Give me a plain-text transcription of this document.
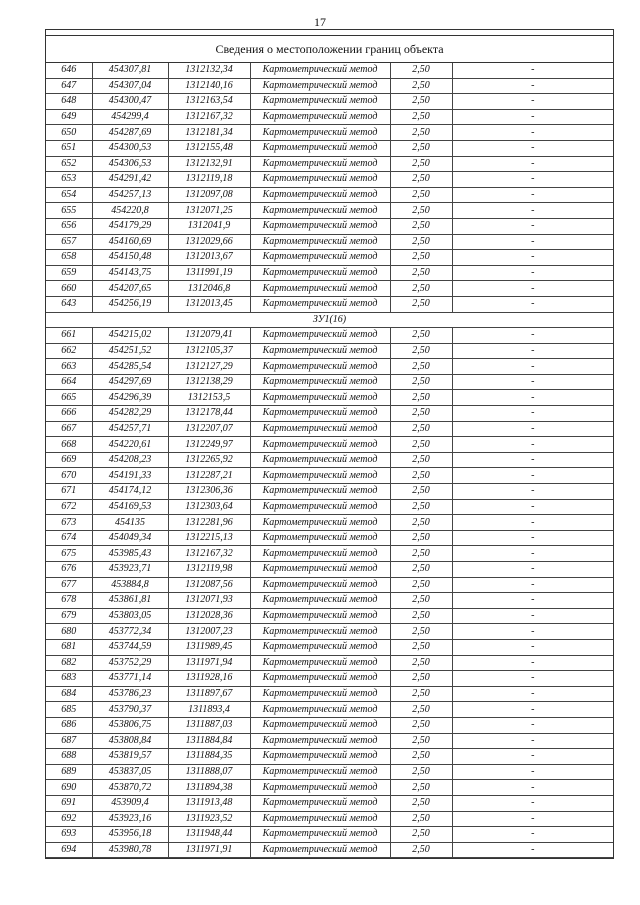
17
Сведения о местоположении границ объекта
646	454307,81	1312132,34	Картометрический метод	2,50	-
647	454307,04	1312140,16	Картометрический метод	2,50	-
648	454300,47	1312163,54	Картометрический метод	2,50	-
649	454299,4	1312167,32	Картометрический метод	2,50	-
650	454287,69	1312181,34	Картометрический метод	2,50	-
651	454300,53	1312155,48	Картометрический метод	2,50	-
652	454306,53	1312132,91	Картометрический метод	2,50	-
653	454291,42	1312119,18	Картометрический метод	2,50	-
654	454257,13	1312097,08	Картометрический метод	2,50	-
655	454220,8	1312071,25	Картометрический метод	2,50	-
656	454179,29	1312041,9	Картометрический метод	2,50	-
657	454160,69	1312029,66	Картометрический метод	2,50	-
658	454150,48	1312013,67	Картометрический метод	2,50	-
659	454143,75	1311991,19	Картометрический метод	2,50	-
660	454207,65	1312046,8	Картометрический метод	2,50	-
643	454256,19	1312013,45	Картометрический метод	2,50	-
ЗУ1(16)					
661	454215,02	1312079,41	Картометрический метод	2,50	-
662	454251,52	1312105,37	Картометрический метод	2,50	-
663	454285,54	1312127,29	Картометрический метод	2,50	-
664	454297,69	1312138,29	Картометрический метод	2,50	-
665	454296,39	1312153,5	Картометрический метод	2,50	-
666	454282,29	1312178,44	Картометрический метод	2,50	-
667	454257,71	1312207,07	Картометрический метод	2,50	-
668	454220,61	1312249,97	Картометрический метод	2,50	-
669	454208,23	1312265,92	Картометрический метод	2,50	-
670	454191,33	1312287,21	Картометрический метод	2,50	-
671	454174,12	1312306,36	Картометрический метод	2,50	-
672	454169,53	1312303,64	Картометрический метод	2,50	-
673	454135	1312281,96	Картометрический метод	2,50	-
674	454049,34	1312215,13	Картометрический метод	2,50	-
675	453985,43	1312167,32	Картометрический метод	2,50	-
676	453923,71	1312119,98	Картометрический метод	2,50	-
677	453884,8	1312087,56	Картометрический метод	2,50	-
678	453861,81	1312071,93	Картометрический метод	2,50	-
679	453803,05	1312028,36	Картометрический метод	2,50	-
680	453772,34	1312007,23	Картометрический метод	2,50	-
681	453744,59	1311989,45	Картометрический метод	2,50	-
682	453752,29	1311971,94	Картометрический метод	2,50	-
683	453771,14	1311928,16	Картометрический метод	2,50	-
684	453786,23	1311897,67	Картометрический метод	2,50	-
685	453790,37	1311893,4	Картометрический метод	2,50	-
686	453806,75	1311887,03	Картометрический метод	2,50	-
687	453808,84	1311884,84	Картометрический метод	2,50	-
688	453819,57	1311884,35	Картометрический метод	2,50	-
689	453837,05	1311888,07	Картометрический метод	2,50	-
690	453870,72	1311894,38	Картометрический метод	2,50	-
691	453909,4	1311913,48	Картометрический метод	2,50	-
692	453923,16	1311923,52	Картометрический метод	2,50	-
693	453956,18	1311948,44	Картометрический метод	2,50	-
694	453980,78	1311971,91	Картометрический метод	2,50	-
